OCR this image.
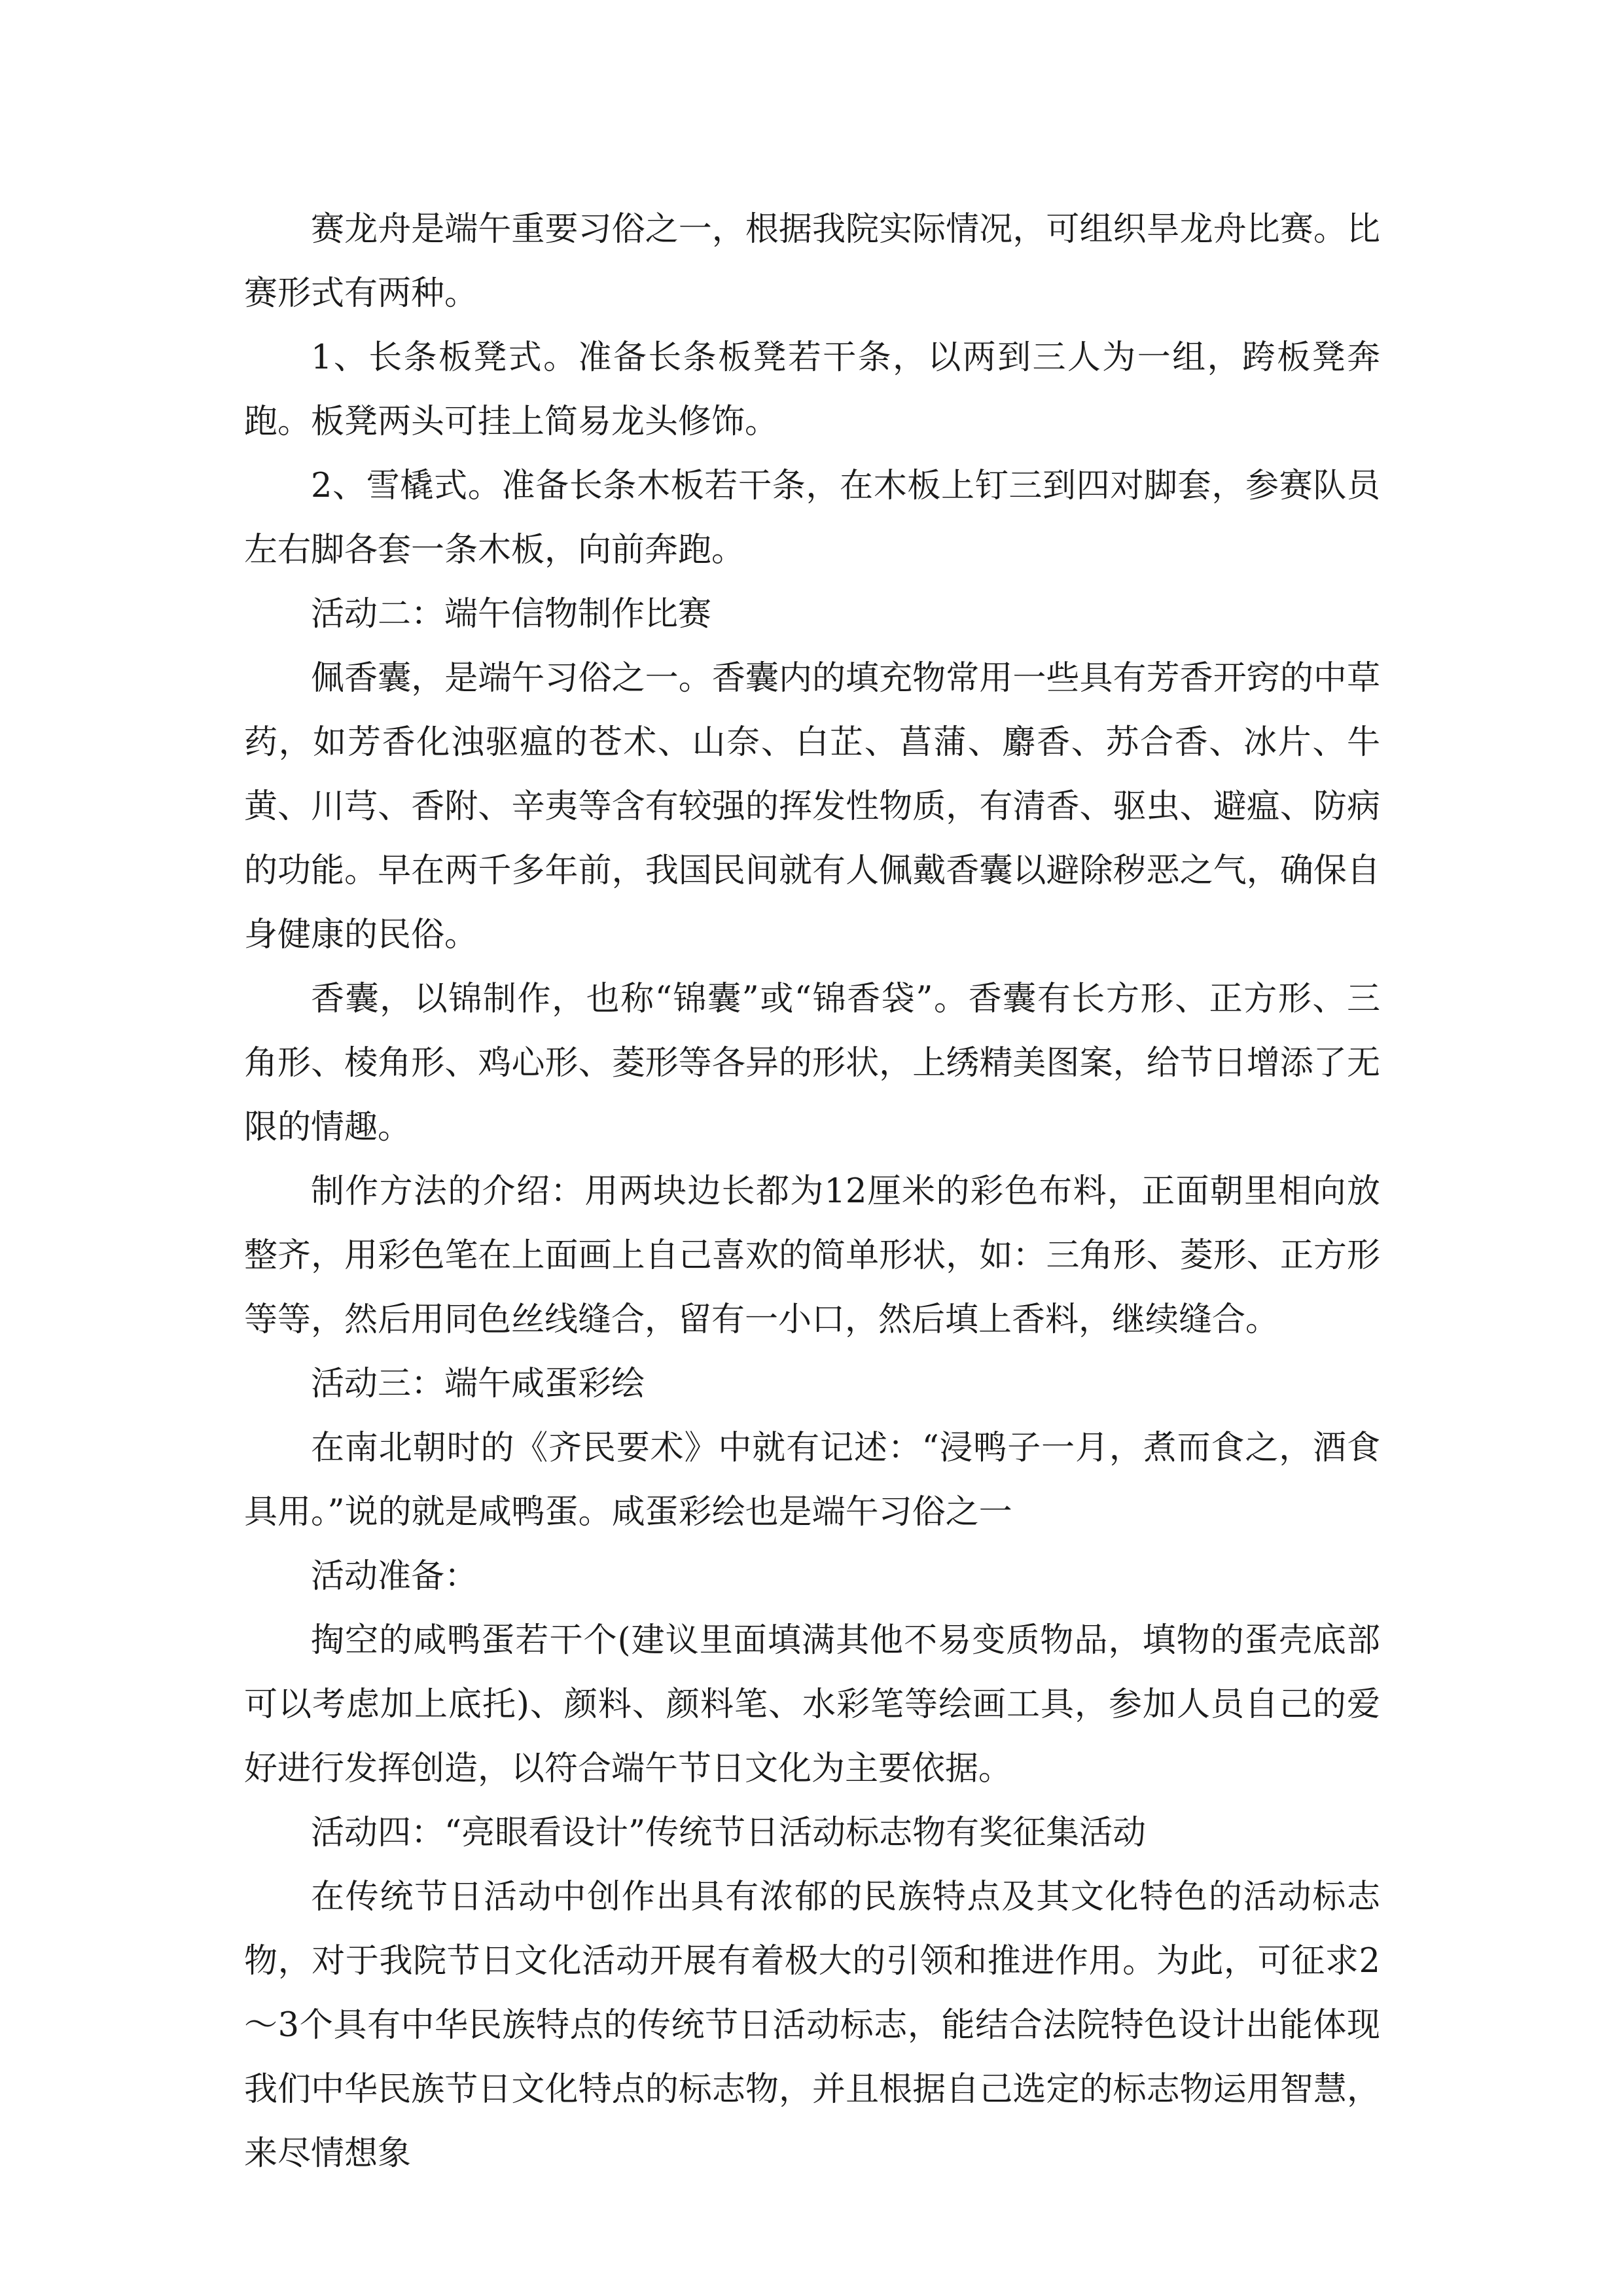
赛龙舟是端午重要习俗之一，根据我院实际情况，可组织旱龙舟比赛。比赛形式有两种。

1、长条板凳式。准备长条板凳若干条，以两到三人为一组，跨板凳奔跑。板凳两头可挂上简易龙头修饰。

2、雪橇式。准备长条木板若干条，在木板上钉三到四对脚套，参赛队员左右脚各套一条木板，向前奔跑。

活动二：端午信物制作比赛

佩香囊，是端午习俗之一。香囊内的填充物常用一些具有芳香开窍的中草药，如芳香化浊驱瘟的苍术、山奈、白芷、菖蒲、麝香、苏合香、冰片、牛黄、川芎、香附、辛夷等含有较强的挥发性物质，有清香、驱虫、避瘟、防病的功能。早在两千多年前，我国民间就有人佩戴香囊以避除秽恶之气，确保自身健康的民俗。

香囊，以锦制作，也称“锦囊”或“锦香袋”。香囊有长方形、正方形、三角形、棱角形、鸡心形、菱形等各异的形状，上绣精美图案，给节日增添了无限的情趣。

制作方法的介绍：用两块边长都为12厘米的彩色布料，正面朝里相向放整齐，用彩色笔在上面画上自己喜欢的简单形状，如：三角形、菱形、正方形等等，然后用同色丝线缝合，留有一小口，然后填上香料，继续缝合。

活动三：端午咸蛋彩绘

在南北朝时的《齐民要术》中就有记述：“浸鸭子一月，煮而食之，酒食具用。”说的就是咸鸭蛋。咸蛋彩绘也是端午习俗之一

活动准备：

掏空的咸鸭蛋若干个(建议里面填满其他不易变质物品，填物的蛋壳底部可以考虑加上底托)、颜料、颜料笔、水彩笔等绘画工具，参加人员自己的爱好进行发挥创造，以符合端午节日文化为主要依据。

活动四：“亮眼看设计”传统节日活动标志物有奖征集活动

在传统节日活动中创作出具有浓郁的民族特点及其文化特色的活动标志物，对于我院节日文化活动开展有着极大的引领和推进作用。为此，可征求2～3个具有中华民族特点的传统节日活动标志，能结合法院特色设计出能体现我们中华民族节日文化特点的标志物，并且根据自己选定的标志物运用智慧，来尽情想象
